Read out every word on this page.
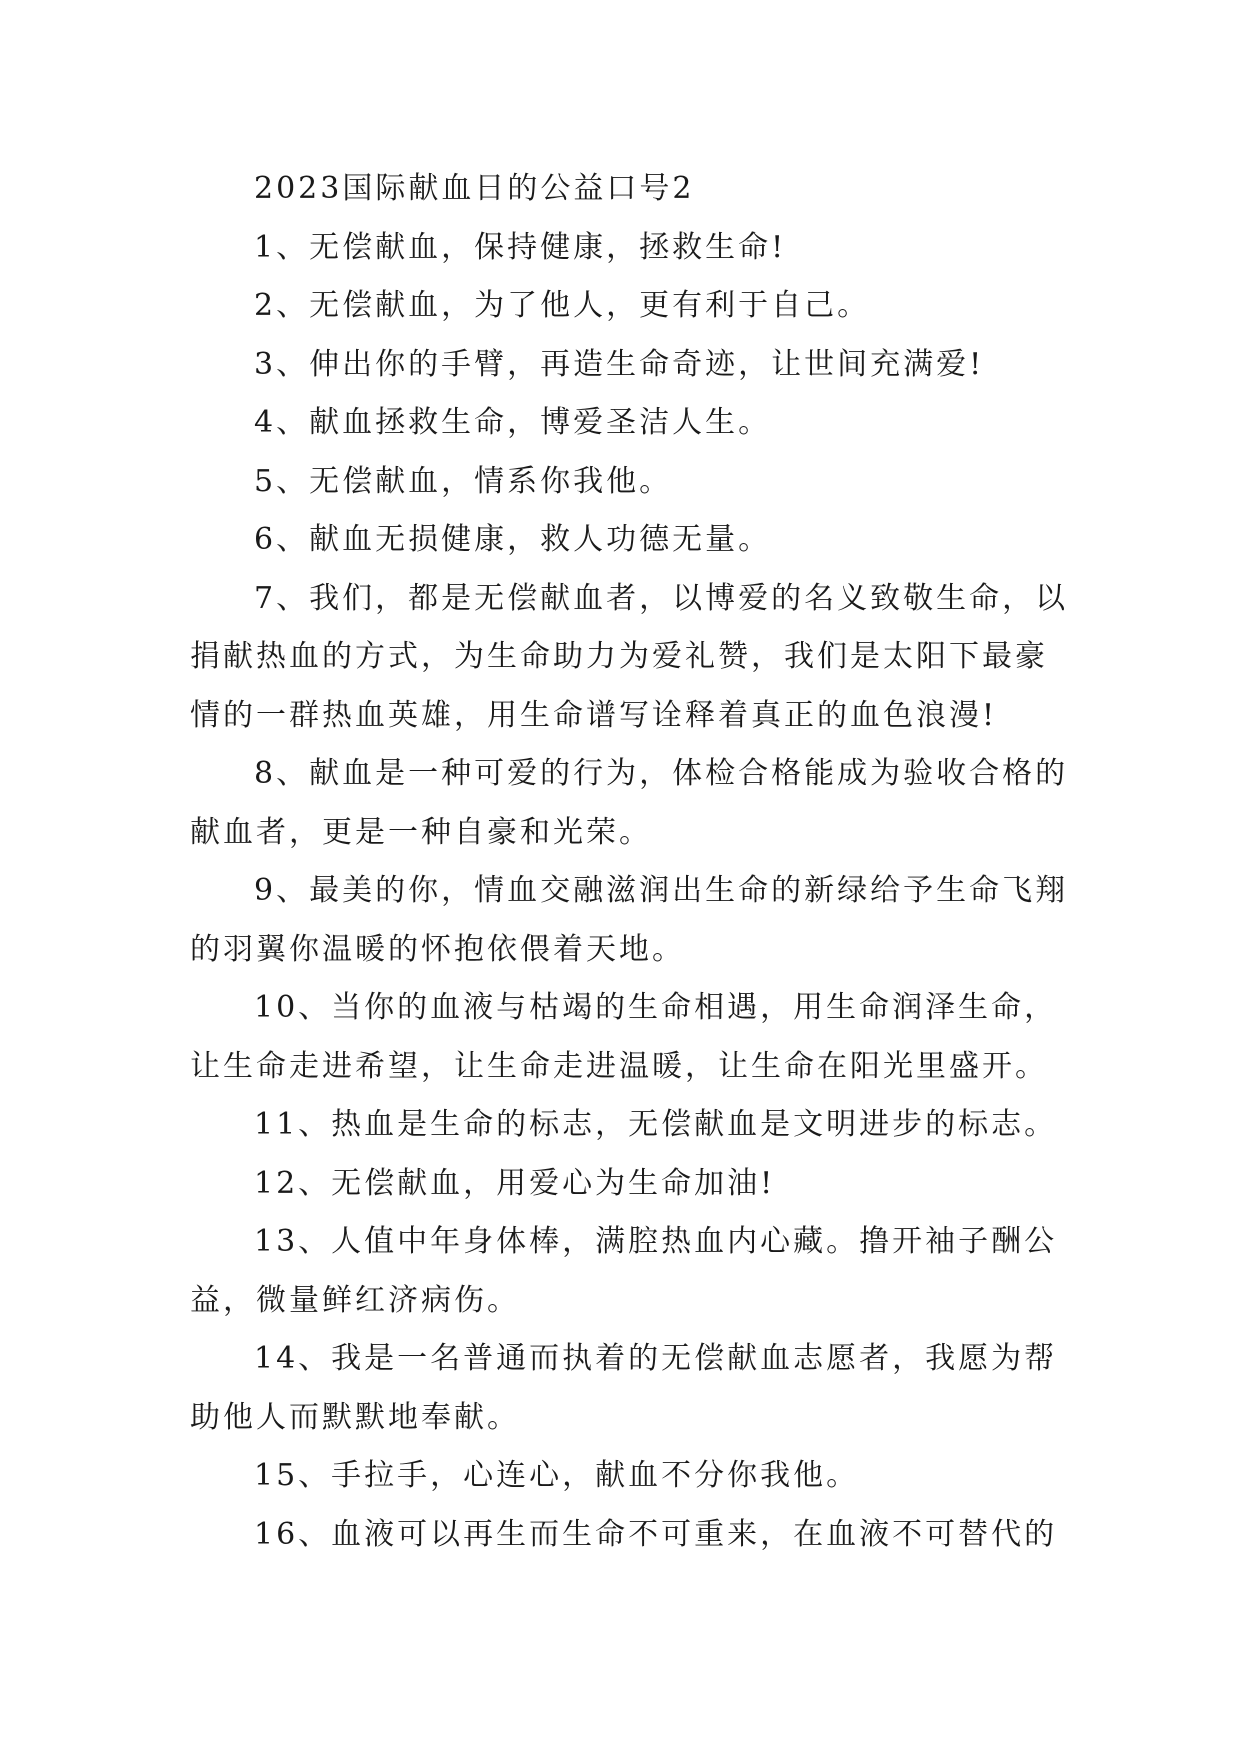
2023国际献血日的公益口号2

1、无偿献血，保持健康，拯救生命!

2、无偿献血，为了他人，更有利于自己。

3、伸出你的手臂，再造生命奇迹，让世间充满爱!

4、献血拯救生命，博爱圣洁人生。

5、无偿献血，情系你我他。

6、献血无损健康，救人功德无量。

7、我们，都是无偿献血者，以博爱的名义致敬生命，以捐献热血的方式，为生命助力为爱礼赞，我们是太阳下最豪情的一群热血英雄，用生命谱写诠释着真正的血色浪漫!

8、献血是一种可爱的行为，体检合格能成为验收合格的献血者，更是一种自豪和光荣。

9、最美的你，情血交融滋润出生命的新绿给予生命飞翔的羽翼你温暖的怀抱依偎着天地。

10、当你的血液与枯竭的生命相遇，用生命润泽生命，让生命走进希望，让生命走进温暖，让生命在阳光里盛开。

11、热血是生命的标志，无偿献血是文明进步的标志。

12、无偿献血，用爱心为生命加油!

13、人值中年身体棒，满腔热血内心藏。撸开袖子酬公益，微量鲜红济病伤。

14、我是一名普通而执着的无偿献血志愿者，我愿为帮助他人而默默地奉献。

15、手拉手，心连心，献血不分你我他。

16、血液可以再生而生命不可重来，在血液不可替代的
